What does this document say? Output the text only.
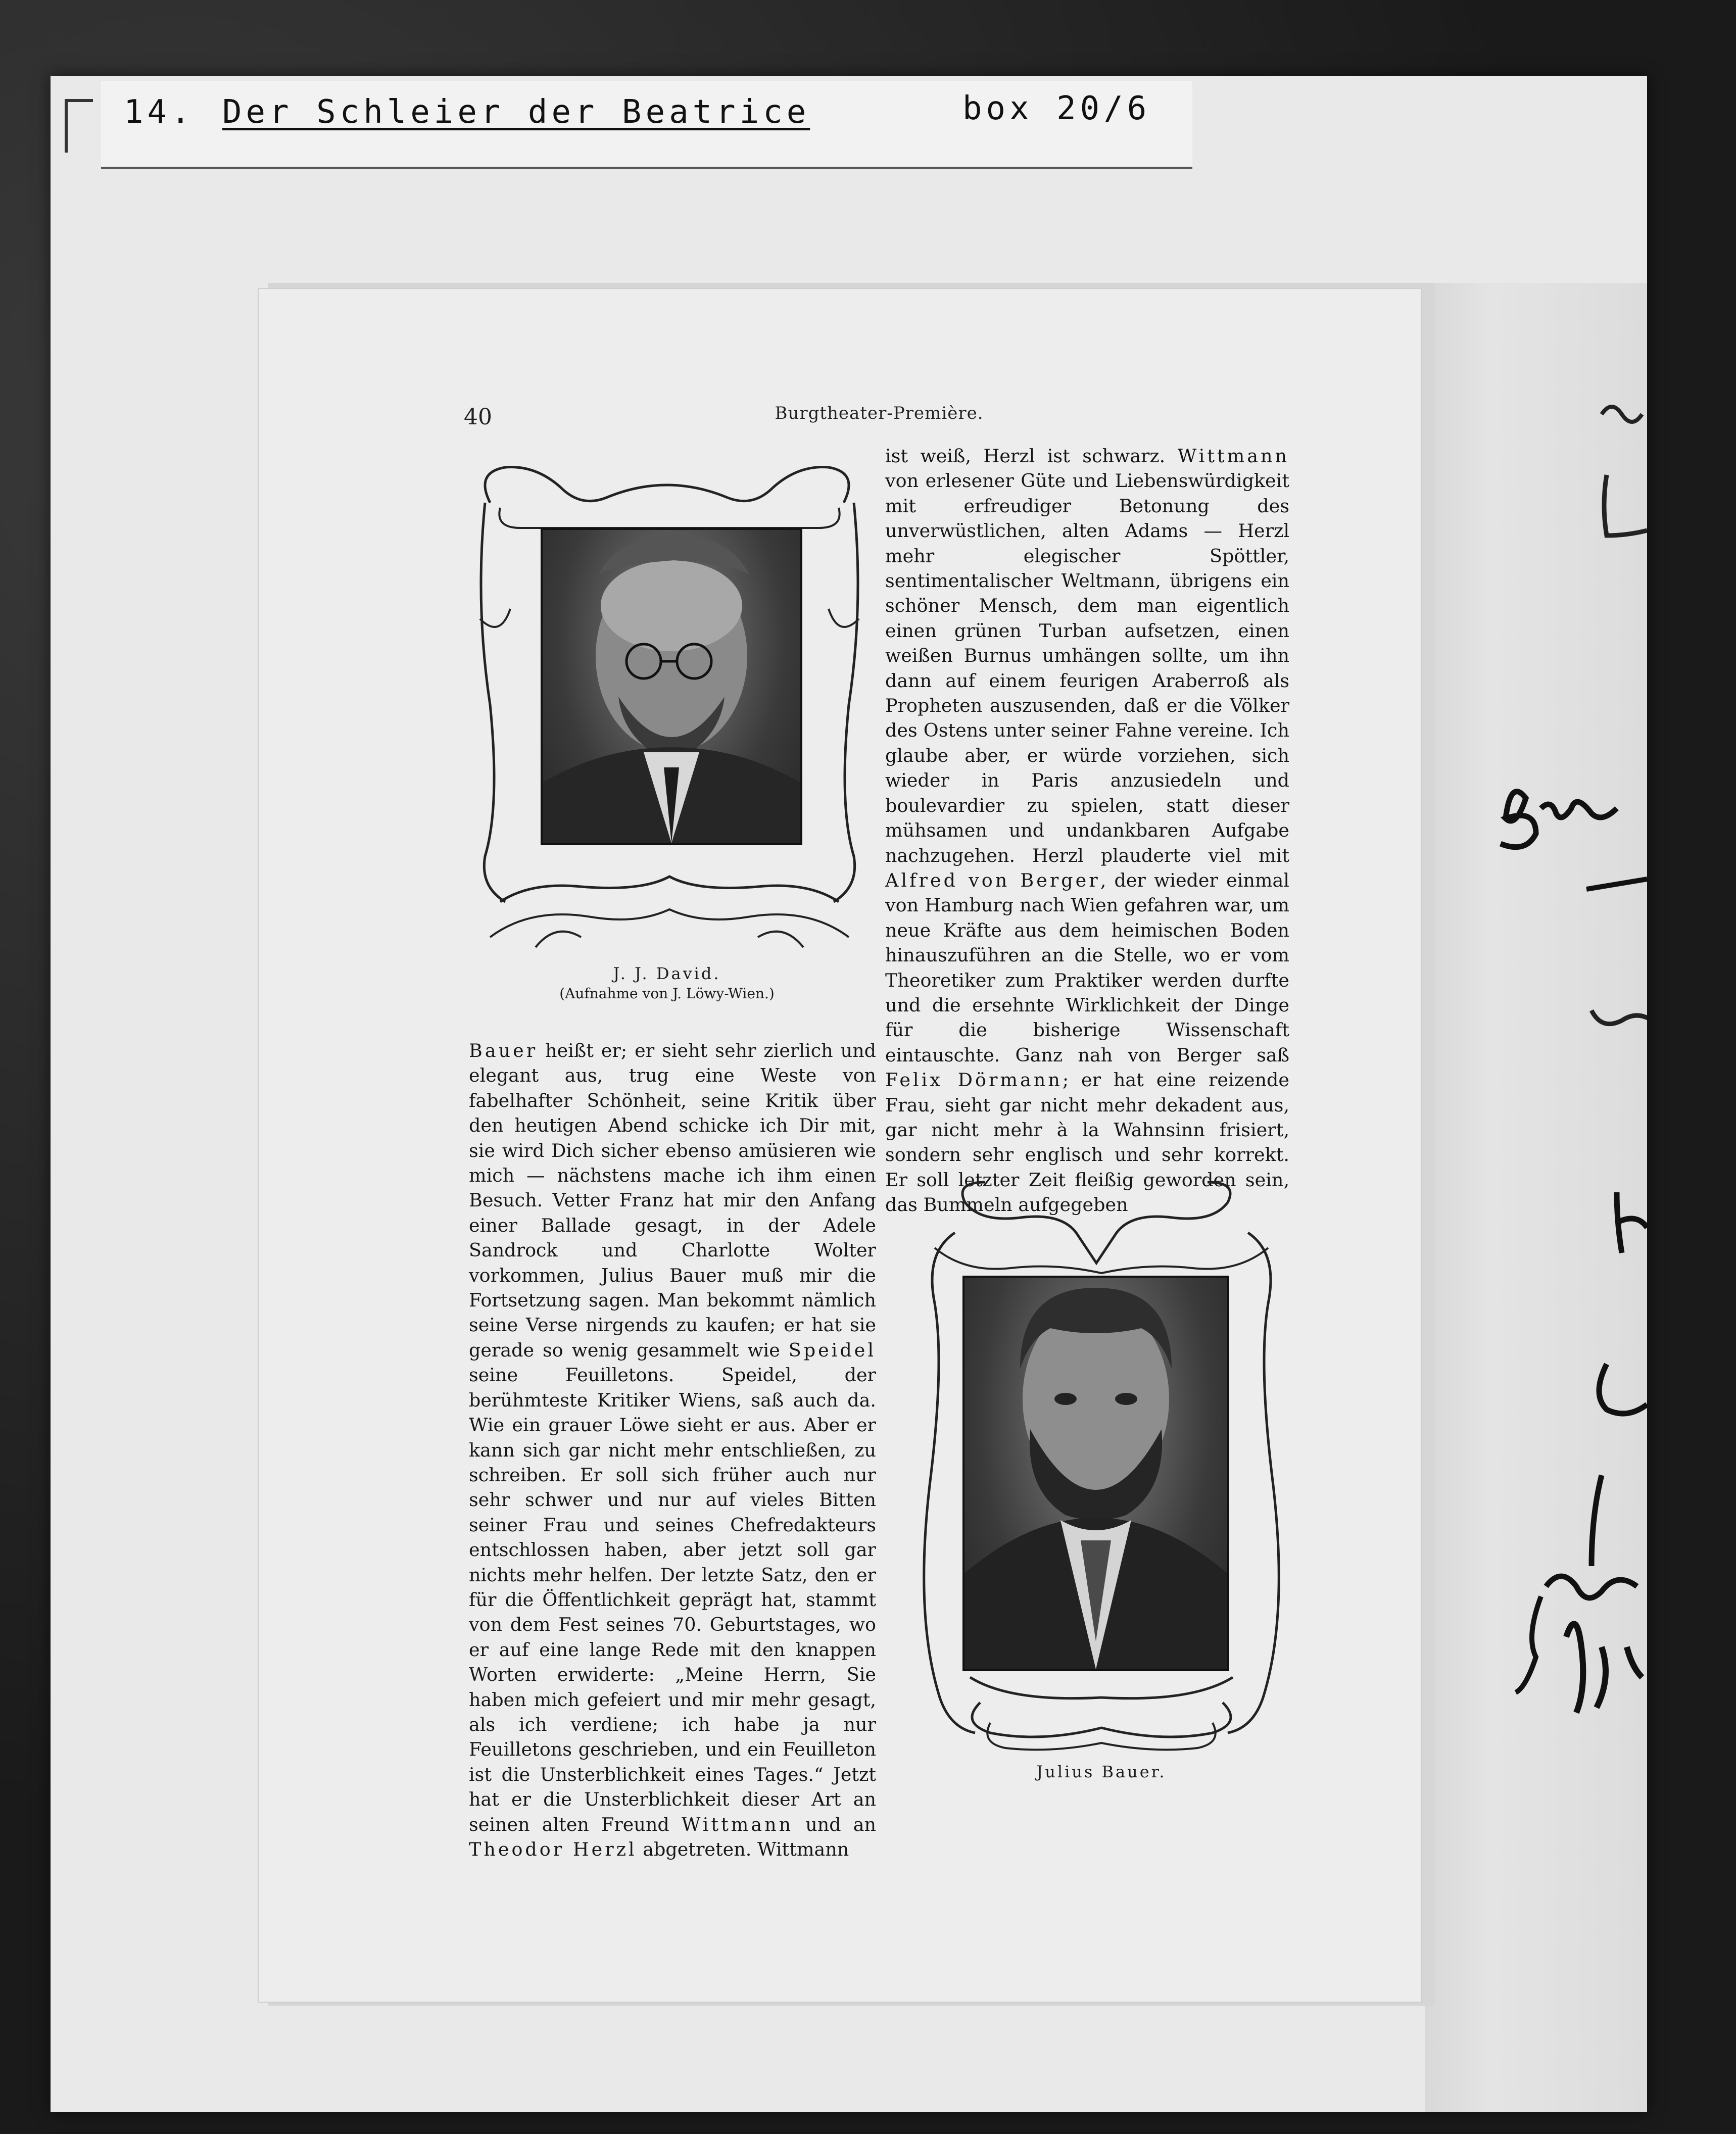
14. Der Schleier der Beatrice	box 20/6
40	Burgtheater-Première.
J. J. David.
(Aufnahme von J. Löwy-Wien.)
ist weiß, Herzl ist schwarz. Wittmann von erlesener Güte und Liebenswürdigkeit mit erfreudiger Betonung des unverwüstlichen, alten Adams — Herzl mehr elegischer Spöttler, sentimentalischer Weltmann, übrigens ein schöner Mensch, dem man eigentlich einen grünen Turban aufsetzen, einen weißen Burnus umhängen sollte, um ihn dann auf einem feurigen Araberroß als Propheten auszusenden, daß er die Völker des Ostens unter seiner Fahne vereine. Ich glaube aber, er würde vorziehen, sich wieder in Paris anzusiedeln und boulevardier zu spielen, statt dieser mühsamen und undankbaren Aufgabe nachzugehen. Herzl plauderte viel mit Alfred von Berger, der wieder einmal von Hamburg nach Wien gefahren war, um neue Kräfte aus dem heimischen Boden hinauszuführen an die Stelle, wo er vom Theoretiker zum Praktiker werden durfte und die ersehnte Wirklichkeit der Dinge für die bisherige Wissenschaft eintauschte. Ganz nah von Berger saß Felix Dörmann; er hat eine reizende Frau, sieht gar nicht mehr dekadent aus, gar nicht mehr à la Wahnsinn frisiert, sondern sehr englisch und sehr korrekt. Er soll letzter Zeit fleißig geworden sein, das Bummeln aufgegeben
Bauer heißt er; er sieht sehr zierlich und elegant aus, trug eine Weste von fabelhafter Schönheit, seine Kritik über den heutigen Abend schicke ich Dir mit, sie wird Dich sicher ebenso amüsieren wie mich — nächstens mache ich ihm einen Besuch. Vetter Franz hat mir den Anfang einer Ballade gesagt, in der Adele Sandrock und Charlotte Wolter vorkommen, Julius Bauer muß mir die Fortsetzung sagen. Man bekommt nämlich seine Verse nirgends zu kaufen; er hat sie gerade so wenig gesammelt wie Speidel seine Feuilletons. Speidel, der berühmteste Kritiker Wiens, saß auch da. Wie ein grauer Löwe sieht er aus. Aber er kann sich gar nicht mehr entschließen, zu schreiben. Er soll sich früher auch nur sehr schwer und nur auf vieles Bitten seiner Frau und seines Chefredakteurs entschlossen haben, aber jetzt soll gar nichts mehr helfen. Der letzte Satz, den er für die Öffentlichkeit geprägt hat, stammt von dem Fest seines 70. Geburtstages, wo er auf eine lange Rede mit den knappen Worten erwiderte: „Meine Herrn, Sie haben mich gefeiert und mir mehr gesagt, als ich verdiene; ich habe ja nur Feuilletons geschrieben, und ein Feuilleton ist die Unsterblichkeit eines Tages.“ Jetzt hat er die Unsterblichkeit dieser Art an seinen alten Freund Wittmann und an Theodor Herzl abgetreten. Wittmann
Julius Bauer.
